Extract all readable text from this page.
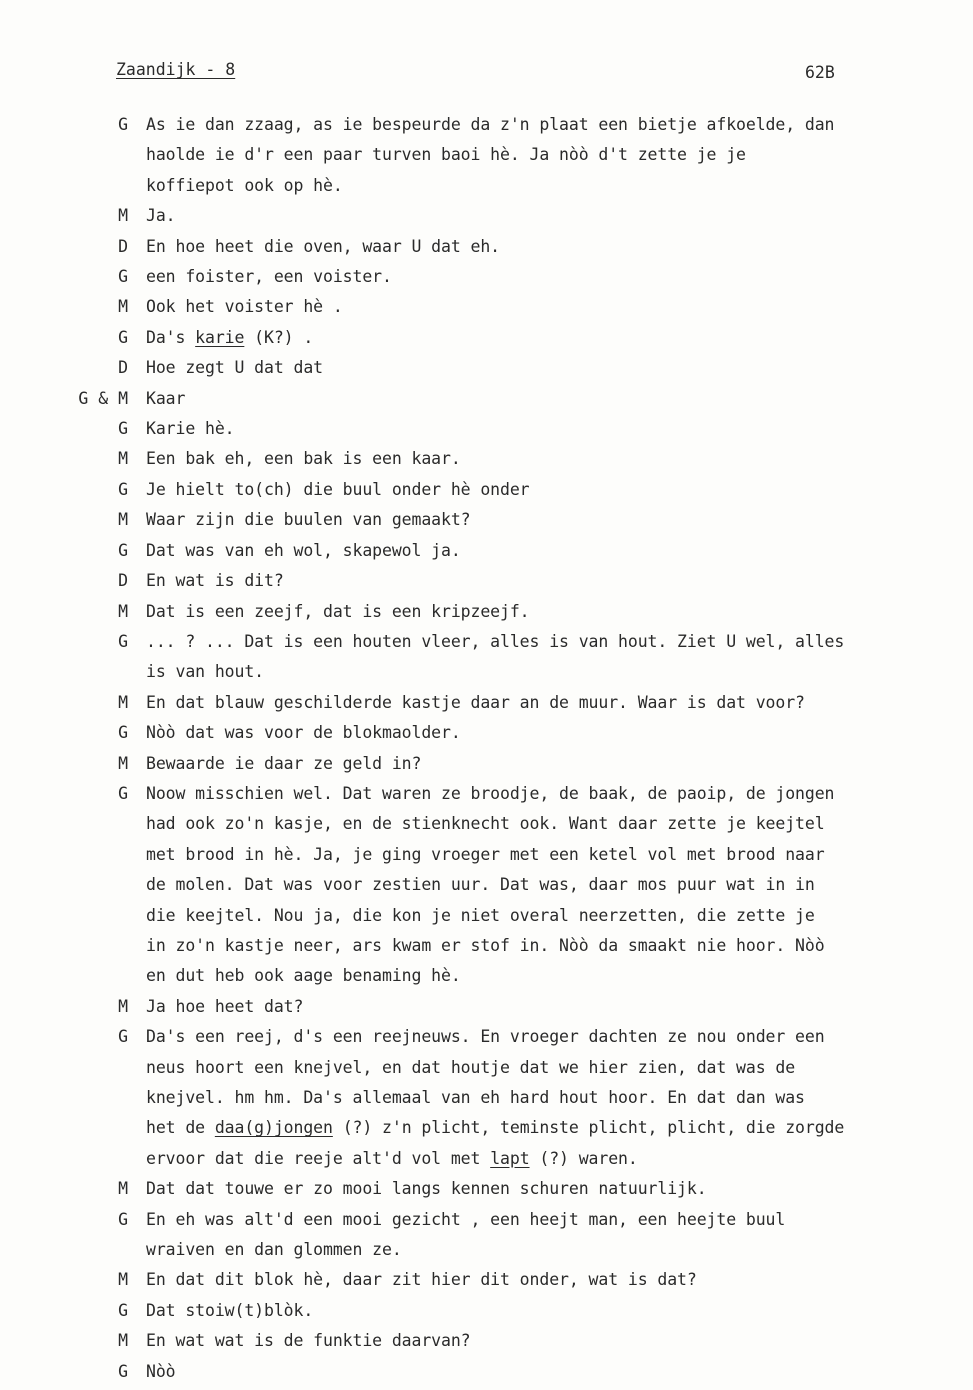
Zaandijk - 8	62B
G As ie dan zzaag, as ie bespeurde da z'n plaat een bietje afkoelde, dan
haolde ie d'r een paar turven baoi hè. Ja nòò d't zette je je
koffiepot ook op hè.
M Ja.
D En hoe heet die oven, waar U dat eh.
G een foister, een voister.
M Ook het voister hè .
G Da's karie (K?) .
D Hoe zegt U dat dat
G & M Kaar
G Karie hè.
M Een bak eh, een bak is een kaar.
G Je hielt to(ch) die buul onder hè onder
M Waar zijn die buulen van gemaakt?
G Dat was van eh wol, skapewol ja.
D En wat is dit?
M Dat is een zeejf, dat is een kripzeejf.
G ... ? ... Dat is een houten vleer, alles is van hout. Ziet U wel, alles
is van hout.
M En dat blauw geschilderde kastje daar an de muur. Waar is dat voor?
G Nòò dat was voor de blokmaolder.
M Bewaarde ie daar ze geld in?
G Noow misschien wel. Dat waren ze broodje, de baak, de paoip, de jongen
had ook zo'n kasje, en de stienknecht ook. Want daar zette je keejtel
met brood in hè. Ja, je ging vroeger met een ketel vol met brood naar
de molen. Dat was voor zestien uur. Dat was, daar mos puur wat in in
die keejtel. Nou ja, die kon je niet overal neerzetten, die zette je
in zo'n kastje neer, ars kwam er stof in. Nòò da smaakt nie hoor. Nòò
en dut heb ook aage benaming hè.
M Ja hoe heet dat?
G Da's een reej, d's een reejneuws. En vroeger dachten ze nou onder een
neus hoort een knejvel, en dat houtje dat we hier zien, dat was de
knejvel. hm hm. Da's allemaal van eh hard hout hoor. En dat dan was
het de daa(g)jongen (?) z'n plicht, teminste plicht, plicht, die zorgde
ervoor dat die reeje alt'd vol met lapt (?) waren.
M Dat dat touwe er zo mooi langs kennen schuren natuurlijk.
G En eh was alt'd een mooi gezicht , een heejt man, een heejte buul
wraiven en dan glommen ze.
M En dat dit blok hè, daar zit hier dit onder, wat is dat?
G Dat stoiw(t)blòk.
M En wat wat is de funktie daarvan?
G Nòò
